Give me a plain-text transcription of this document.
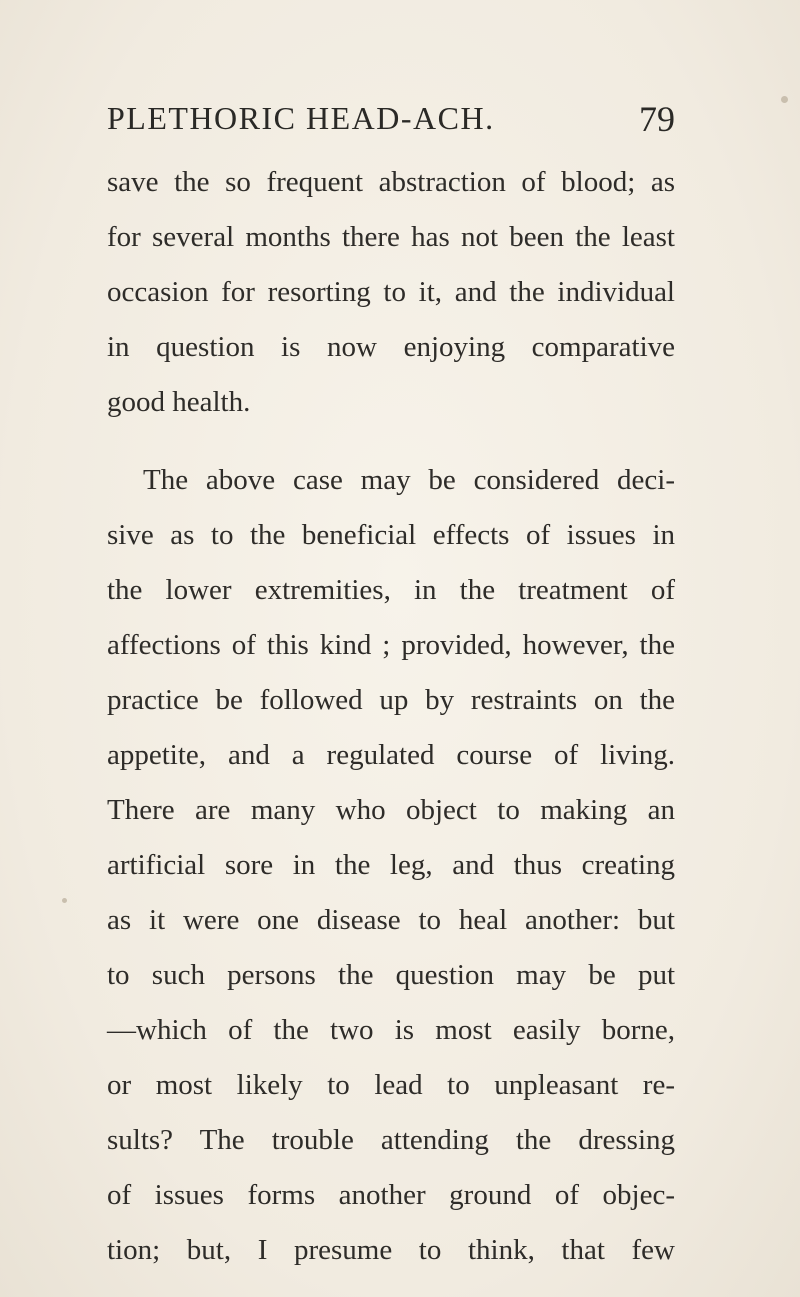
PLETHORIC HEAD-ACH.	79
save the so frequent abstraction of blood; as
for several months there has not been the least
occasion for resorting to it, and the individual
in question is now enjoying comparative
good health.
The above case may be considered deci-
sive as to the beneficial effects of issues in
the lower extremities, in the treatment of
affections of this kind ; provided, however, the
practice be followed up by restraints on the
appetite, and a regulated course of living.
There are many who object to making an
artificial sore in the leg, and thus creating
as it were one disease to heal another: but
to such persons the question may be put
—which of the two is most easily borne,
or most likely to lead to unpleasant re-
sults? The trouble attending the dressing
of issues forms another ground of objec-
tion; but, I presume to think, that few
